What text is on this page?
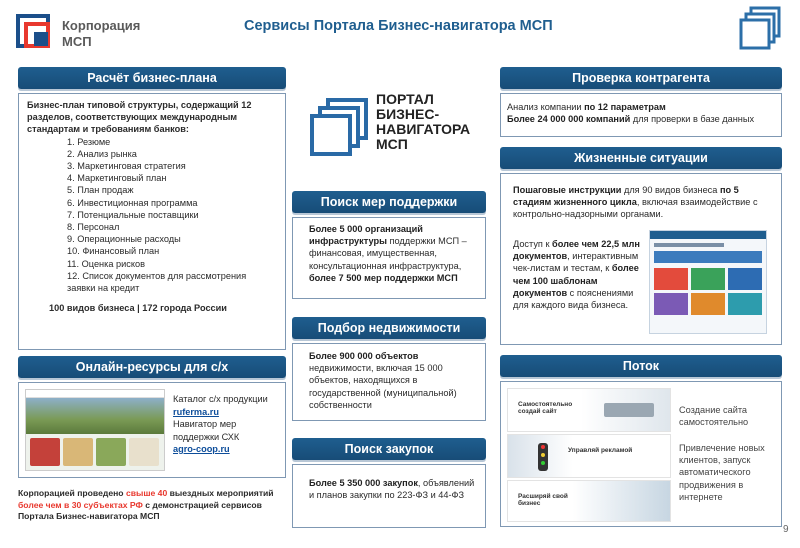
Корпорация
МСП
Сервисы Портала Бизнес-навигатора МСП
Расчёт бизнес-плана
Бизнес-план типовой структуры, содержащий 12 разделов, соответствующих международным стандартам и требованиям банков:
1. Резюме
2. Анализ рынка
3. Маркетинговая стратегия
4. Маркетинговый план
5. План продаж
6. Инвестиционная программа
7. Потенциальные поставщики
8. Персонал
9. Операционные расходы
10. Финансовый план
11. Оценка рисков
12. Список документов для рассмотрения заявки на кредит
100 видов бизнеса | 172 города России
ПОРТАЛ
БИЗНЕС-
НАВИГАТОРА
МСП
Поиск мер поддержки
Более 5 000 организаций инфраструктуры поддержки МСП – финансовая, имущественная, консультационная инфраструктура, более 7 500 мер поддержки МСП
Подбор недвижимости
Более 900 000 объектов недвижимости, включая 15 000 объектов, находящихся в государственной (муниципальной) собственности
Поиск закупок
Более 5 350 000 закупок, объявлений и планов закупки по 223-ФЗ и 44-ФЗ
Проверка контрагента
Анализ компании по 12 параметрам
Более 24 000 000 компаний для проверки в базе данных
Жизненные ситуации
Пошаговые инструкции для 90 видов бизнеса по 5 стадиям жизненного цикла, включая взаимодействие с контрольно-надзорными органами.
Доступ к более чем 22,5 млн документов, интерактивным чек-листам и тестам, к более чем 100 шаблонам документов с пояснениями для каждого вида бизнеса.
Онлайн-ресурсы для с/х
Каталог с/х продукции
ruferma.ru
Навигатор мер поддержки СХК
agro-coop.ru
Корпорацией проведено свыше 40 выездных мероприятий более чем в 30 субъектах РФ с демонстрацией сервисов Портала Бизнес-навигатора МСП
Поток
Самостоятельно создай сайт
Управляй рекламой
Расширяй свой бизнес
Создание сайта самостоятельно
Привлечение новых клиентов, запуск автоматического продвижения в интернете
9
